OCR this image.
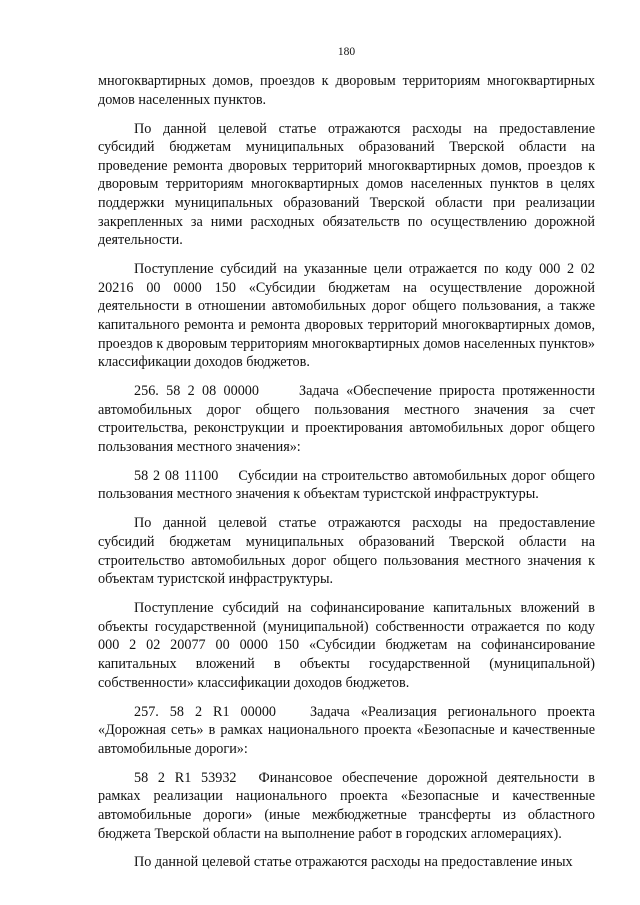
180

многоквартирных домов, проездов к дворовым территориям многоквартирных домов населенных пунктов.

По данной целевой статье отражаются расходы на предоставление субсидий бюджетам муниципальных образований Тверской области на проведение ремонта дворовых территорий многоквартирных домов, проездов к дворовым территориям многоквартирных домов населенных пунктов в целях поддержки муниципальных образований Тверской области при реализации закрепленных за ними расходных обязательств по осуществлению дорожной деятельности.

Поступление субсидий на указанные цели отражается по коду 000 2 02 20216 00 0000 150 «Субсидии бюджетам на осуществление дорожной деятельности в отношении автомобильных дорог общего пользования, а также капитального ремонта и ремонта дворовых территорий многоквартирных домов, проездов к дворовым территориям многоквартирных домов населенных пунктов» классификации доходов бюджетов.

256. 58 2 08 00000	Задача «Обеспечение прироста протяженности автомобильных дорог общего пользования местного значения за счет строительства, реконструкции и проектирования автомобильных дорог общего пользования местного значения»:

58 2 08 11100 Субсидии на строительство автомобильных дорог общего пользования местного значения к объектам туристской инфраструктуры.

По данной целевой статье отражаются расходы на предоставление субсидий бюджетам муниципальных образований Тверской области на строительство автомобильных дорог общего пользования местного значения к объектам туристской инфраструктуры.

Поступление субсидий на софинансирование капитальных вложений в объекты государственной (муниципальной) собственности отражается по коду 000 2 02 20077 00 0000 150 «Субсидии бюджетам на софинансирование капитальных вложений в объекты государственной (муниципальной) собственности» классификации доходов бюджетов.

257. 58 2 R1 00000 Задача «Реализация регионального проекта «Дорожная сеть» в рамках национального проекта «Безопасные и качественные автомобильные дороги»:

58 2 R1 53932 Финансовое обеспечение дорожной деятельности в рамках реализации национального проекта «Безопасные и качественные автомобильные дороги» (иные межбюджетные трансферты из областного бюджета Тверской области на выполнение работ в городских агломерациях).

По данной целевой статье отражаются расходы на предоставление иных
